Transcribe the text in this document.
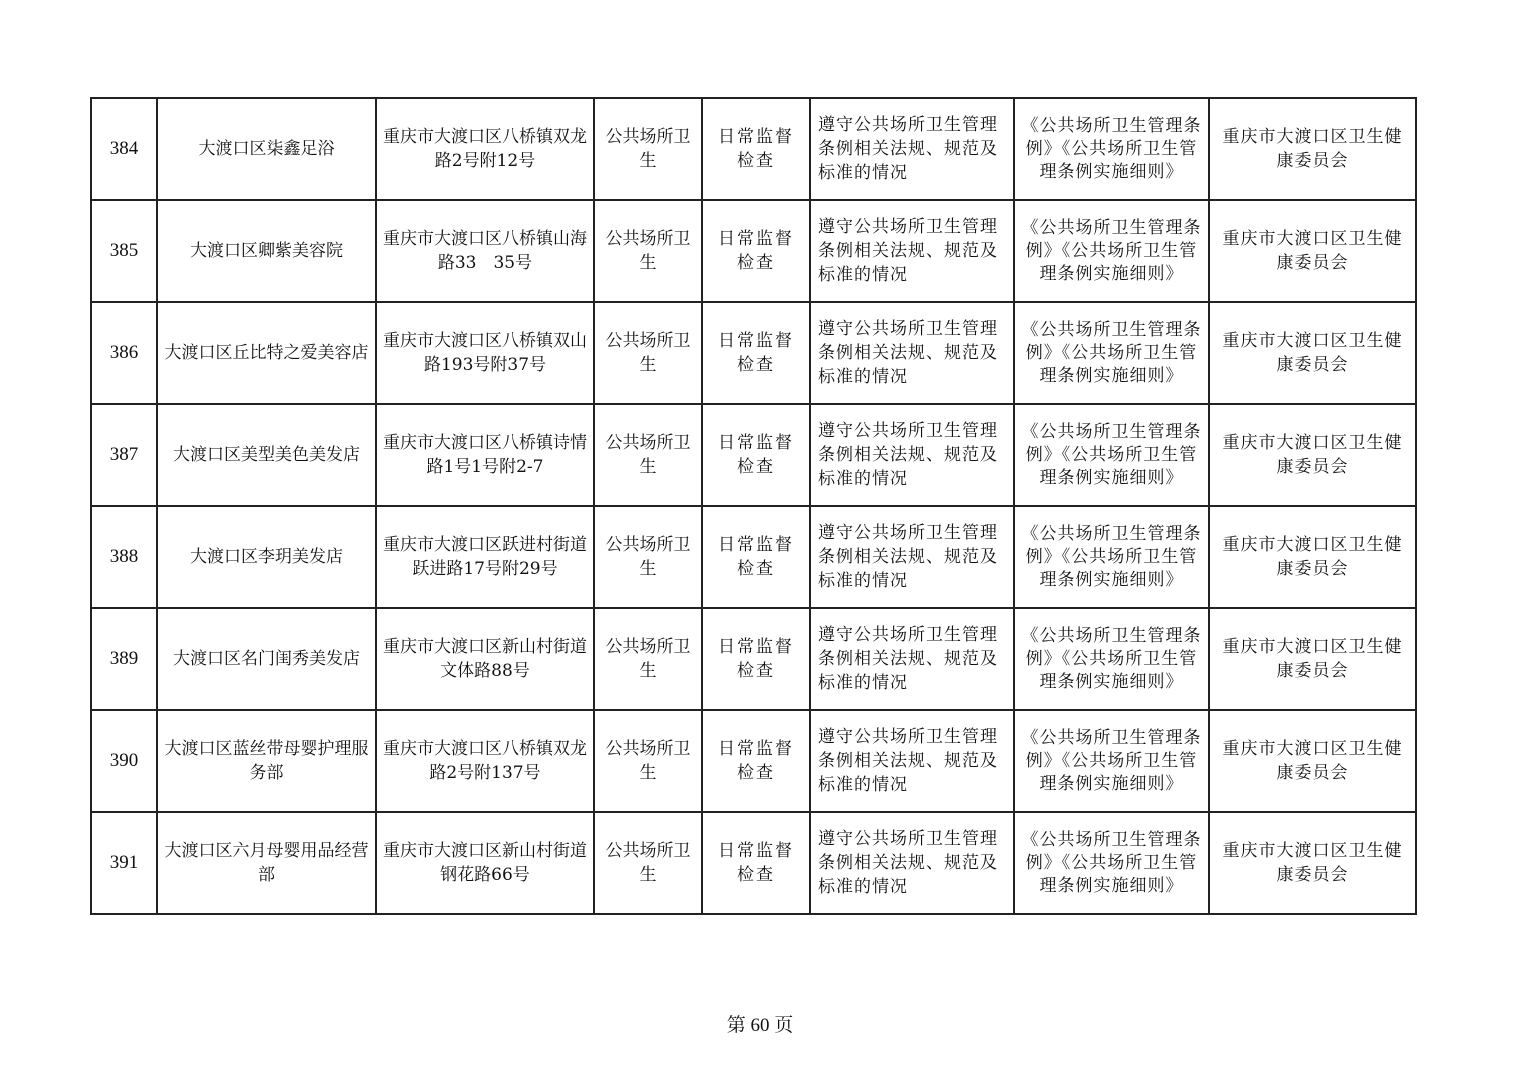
384	大渡口区柒鑫足浴	重庆市大渡口区八桥镇双龙路2号附12号	公共场所卫生	日常监督检查	遵守公共场所卫生管理条例相关法规、规范及标准的情况	《公共场所卫生管理条例》《公共场所卫生管理条例实施细则》	重庆市大渡口区卫生健康委员会
385	大渡口区卿紫美容院	重庆市大渡口区八桥镇山海路33　35号	公共场所卫生	日常监督检查	遵守公共场所卫生管理条例相关法规、规范及标准的情况	《公共场所卫生管理条例》《公共场所卫生管理条例实施细则》	重庆市大渡口区卫生健康委员会
386	大渡口区丘比特之爱美容店	重庆市大渡口区八桥镇双山路193号附37号	公共场所卫生	日常监督检查	遵守公共场所卫生管理条例相关法规、规范及标准的情况	《公共场所卫生管理条例》《公共场所卫生管理条例实施细则》	重庆市大渡口区卫生健康委员会
387	大渡口区美型美色美发店	重庆市大渡口区八桥镇诗情路1号1号附2-7	公共场所卫生	日常监督检查	遵守公共场所卫生管理条例相关法规、规范及标准的情况	《公共场所卫生管理条例》《公共场所卫生管理条例实施细则》	重庆市大渡口区卫生健康委员会
388	大渡口区李玥美发店	重庆市大渡口区跃进村街道跃进路17号附29号	公共场所卫生	日常监督检查	遵守公共场所卫生管理条例相关法规、规范及标准的情况	《公共场所卫生管理条例》《公共场所卫生管理条例实施细则》	重庆市大渡口区卫生健康委员会
389	大渡口区名门闺秀美发店	重庆市大渡口区新山村街道文体路88号	公共场所卫生	日常监督检查	遵守公共场所卫生管理条例相关法规、规范及标准的情况	《公共场所卫生管理条例》《公共场所卫生管理条例实施细则》	重庆市大渡口区卫生健康委员会
390	大渡口区蓝丝带母婴护理服务部	重庆市大渡口区八桥镇双龙路2号附137号	公共场所卫生	日常监督检查	遵守公共场所卫生管理条例相关法规、规范及标准的情况	《公共场所卫生管理条例》《公共场所卫生管理条例实施细则》	重庆市大渡口区卫生健康委员会
391	大渡口区六月母婴用品经营部	重庆市大渡口区新山村街道钢花路66号	公共场所卫生	日常监督检查	遵守公共场所卫生管理条例相关法规、规范及标准的情况	《公共场所卫生管理条例》《公共场所卫生管理条例实施细则》	重庆市大渡口区卫生健康委员会
第 60 页
